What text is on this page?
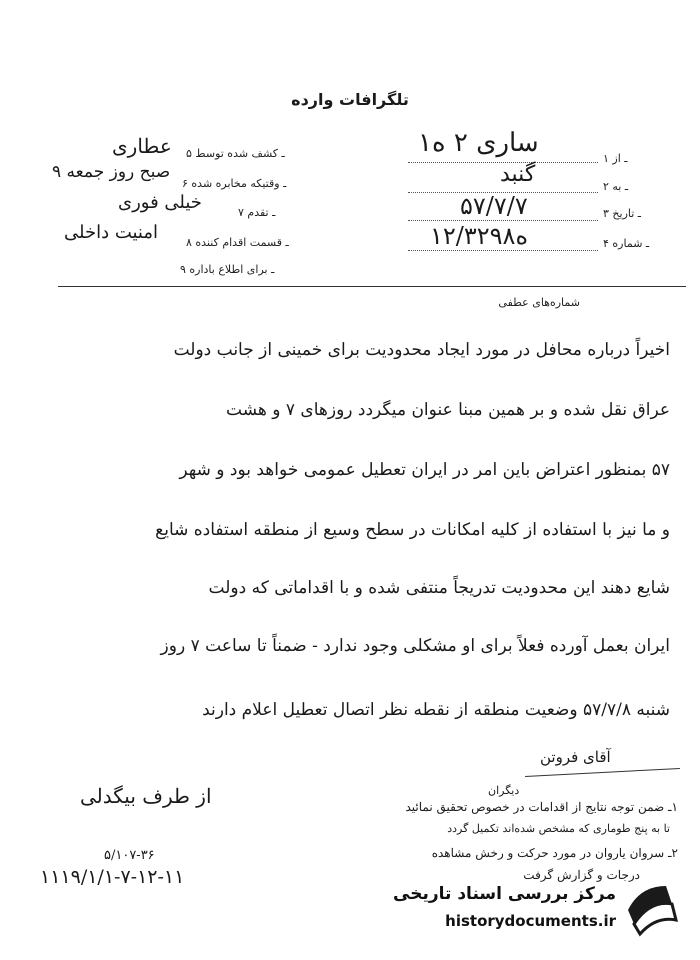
تلگرافات وارده
۱ ـ از
ساری ۲ ه۱
۲ ـ به
گنبد
۳ ـ تاریخ
۵۷/۷/۷
۴ ـ شماره
۱ه۲/۳۲۹۸
۵ ـ کشف شده توسط
عطاری
۶ ـ وقتیکه مخابره شده
۹ صبح روز جمعه
۷ ـ تقدم
خیلی فوری
۸ ـ قسمت اقدام کننده
امنیت داخلی
۹ ـ برای اطلاع باداره
شماره‌های عطفی
اخیراً درباره محافل در مورد ایجاد محدودیت برای خمینی از جانب دولت
عراق نقل شده و بر همین مبنا عنوان میگردد روزهای ۷ و هشت
۵۷ بمنظور اعتراض باین امر در ایران تعطیل عمومی خواهد بود و شهر
و ما نیز با استفاده از کلیه امکانات در سطح وسیع از منطقه استفاده شایع
شایع دهند این محدودیت تدریجاً منتفی شده و با اقداماتی که دولت
ایران بعمل آورده فعلاً برای او مشکلی وجود ندارد - ضمناً تا ساعت ۷ روز
شنبه ۵۷/۷/۸ وضعیت منطقه از نقطه نظر اتصال تعطیل اعلام دارند
از طرف بیگدلی
آقای فروتن
دیگران
۱ـ ضمن توجه نتایج از اقدامات در خصوص تحقیق نمائید
تا به پنج طوماری که مشخص شده‌اند تکمیل گردد
۲ـ سروان یاروان در مورد حرکت و رخش مشاهده
درجات و گزارش گرفت
۵/۱۰۷-۳۶
۱۱۱۹/۱/۱-۷-۱۲-۱۱
مرکز بررسی اسناد تاریخی
historydocuments.ir
